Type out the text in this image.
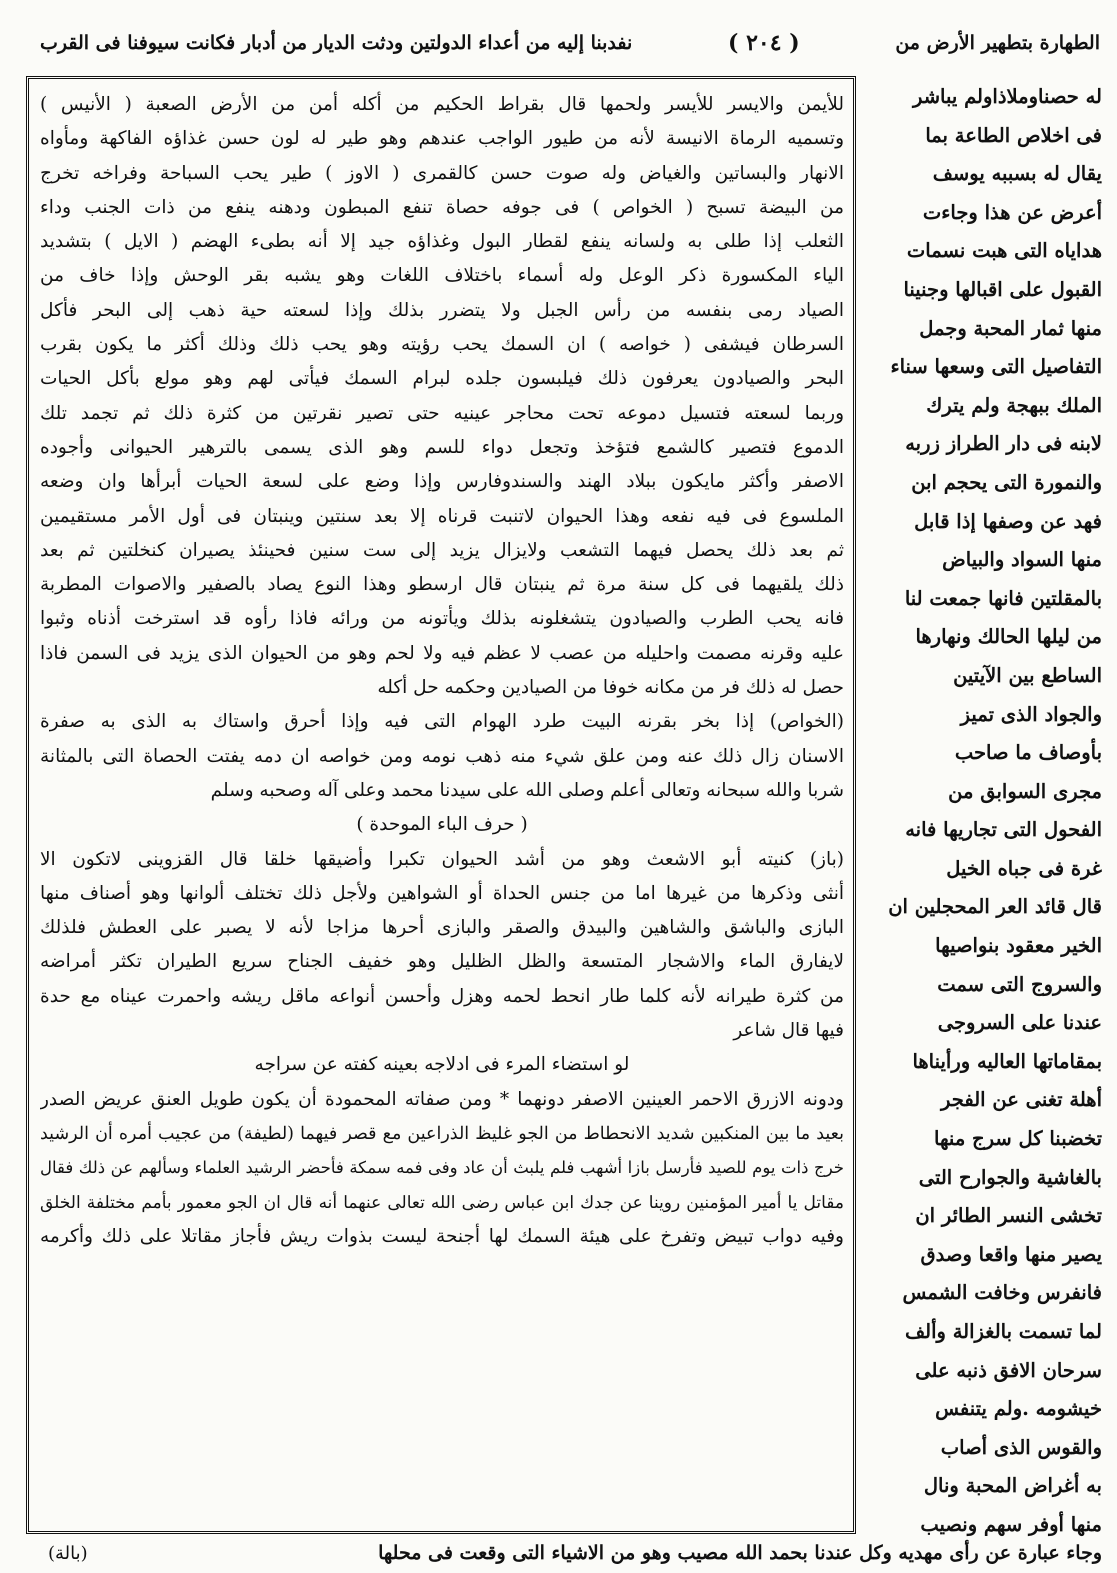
الطهارة بتطهير الأرض من
( ٢٠٤ )
نفدبنا إليه من أعداء الدولتين ودثت الديار من أدبار فكانت سيوفنا فى القرب
له حصناوملاذاولم يباشر
فى اخلاص الطاعة بما
يقال له بسببه يوسف
أعرض عن هذا وجاءت
هداياه التى هبت نسمات
القبول على اقبالها وجنينا
منها ثمار المحبة وجمل
التفاصيل التى وسعها سناء
الملك ببهجة ولم يترك
لابنه فى دار الطراز زربه
والنمورة التى يحجم ابن
فهد عن وصفها إذا قابل
منها السواد والبياض
بالمقلتين فانها جمعت لنا
من ليلها الحالك ونهارها
الساطع بين الآيتين
والجواد الذى تميز
بأوصاف ما صاحب
مجرى السوابق من
الفحول التى تجاريها فانه
غرة فى جباه الخيل
قال قائد العر المحجلين ان
الخير معقود بنواصيها
والسروج التى سمت
عندنا على السروجى
بمقاماتها العاليه ورأيناها
أهلة تغنى عن الفجر
تخضبنا كل سرج منها
بالغاشية والجوارح التى
تخشى النسر الطائر ان
يصير منها واقعا وصدق
فانفرس وخافت الشمس
لما تسمت بالغزالة وألف
سرحان الافق ذنبه على
خيشومه .ولم يتنفس
والقوس الذى أصاب
به أغراض المحبة ونال
منها أوفر سهم ونصيب
للأيمن والايسر للأيسر ولحمها قال بقراط الحكيم من أكله أمن من الأرض الصعبة ( الأنيس )
وتسميه الرماة الانيسة لأنه من طيور الواجب عندهم وهو طير له لون حسن غذاؤه الفاكهة ومأواه
الانهار والبساتين والغياض وله صوت حسن كالقمرى ( الاوز ) طير يحب السباحة وفراخه تخرج
من البيضة تسبح ( الخواص ) فى جوفه حصاة تنفع المبطون ودهنه ينفع من ذات الجنب وداء
الثعلب إذا طلى به ولسانه ينفع لقطار البول وغذاؤه جيد إلا أنه بطىء الهضم ( الايل ) بتشديد
الياء المكسورة ذكر الوعل وله أسماء باختلاف اللغات وهو يشبه بقر الوحش وإذا خاف من
الصياد رمى بنفسه من رأس الجبل ولا يتضرر بذلك وإذا لسعته حية ذهب إلى البحر فأكل
السرطان فيشفى ( خواصه ) ان السمك يحب رؤيته وهو يحب ذلك وذلك أكثر ما يكون بقرب
البحر والصيادون يعرفون ذلك فيلبسون جلده لبرام السمك فيأتى لهم وهو مولع بأكل الحيات
وربما لسعته فتسيل دموعه تحت محاجر عينيه حتى تصير نقرتين من كثرة ذلك ثم تجمد تلك
الدموع فتصير كالشمع فتؤخذ وتجعل دواء للسم وهو الذى يسمى بالترهير الحيوانى وأجوده
الاصفر وأكثر مايكون ببلاد الهند والسندوفارس وإذا وضع على لسعة الحيات أبرأها وان وضعه
الملسوع فى فيه نفعه وهذا الحيوان لاتنبت قرناه إلا بعد سنتين وينبتان فى أول الأمر مستقيمين
ثم بعد ذلك يحصل فيهما التشعب ولايزال يزيد إلى ست سنين فحينئذ يصيران كنخلتين ثم بعد
ذلك يلقيهما فى كل سنة مرة ثم ينبتان قال ارسطو وهذا النوع يصاد بالصفير والاصوات المطربة
فانه يحب الطرب والصيادون يتشغلونه بذلك ويأتونه من ورائه فاذا رأوه قد استرخت أذناه وثبوا
عليه وقرنه مصمت واحليله من عصب لا عظم فيه ولا لحم وهو من الحيوان الذى يزيد فى السمن فاذا
حصل له ذلك فر من مكانه خوفا من الصيادين وحكمه حل أكله
(الخواص) إذا بخر بقرنه البيت طرد الهوام التى فيه وإذا أحرق واستاك به الذى به صفرة
الاسنان زال ذلك عنه ومن علق شيء منه ذهب نومه ومن خواصه ان دمه يفتت الحصاة التى بالمثانة
شربا والله سبحانه وتعالى أعلم وصلى الله على سيدنا محمد وعلى آله وصحبه وسلم
( حرف الباء الموحدة )
(باز) كنيته أبو الاشعث وهو من أشد الحيوان تكبرا وأضيقها خلقا قال القزوينى لاتكون الا
أنثى وذكرها من غيرها اما من جنس الحداة أو الشواهين ولأجل ذلك تختلف ألوانها وهو أصناف منها
البازى والباشق والشاهين والبيدق والصقر والبازى أحرها مزاجا لأنه لا يصبر على العطش فلذلك
لايفارق الماء والاشجار المتسعة والظل الظليل وهو خفيف الجناح سريع الطيران تكثر أمراضه
من كثرة طيرانه لأنه كلما طار انحط لحمه وهزل وأحسن أنواعه ماقل ريشه واحمرت عيناه مع حدة
فيها قال شاعر
لو استضاء المرء فى ادلاجه بعينه كفته عن سراجه
ودونه الازرق الاحمر العينين الاصفر دونهما * ومن صفاته المحمودة أن يكون طويل العنق عريض الصدر
بعيد ما بين المنكبين شديد الانحطاط من الجو غليظ الذراعين مع قصر فيهما (لطيفة) من عجيب أمره أن الرشيد
خرج ذات يوم للصيد فأرسل بازا أشهب فلم يلبث أن عاد وفى فمه سمكة فأحضر الرشيد العلماء وسألهم عن ذلك فقال
مقاتل يا أمير المؤمنين روينا عن جدك ابن عباس رضى الله تعالى عنهما أنه قال ان الجو معمور بأمم مختلفة الخلق
وفيه دواب تبيض وتفرخ على هيئة السمك لها أجنحة ليست بذوات ريش فأجاز مقاتلا على ذلك وأكرمه
وجاء عبارة عن رأى مهديه وكل عندنا بحمد الله مصيب وهو من الاشياء التى وقعت فى محلها
(بالة)
